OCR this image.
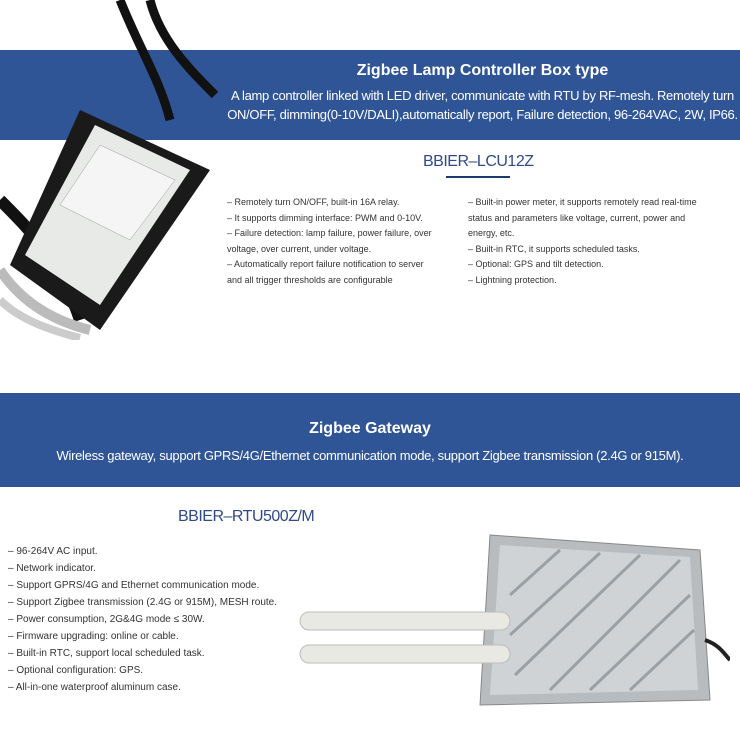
Zigbee Lamp Controller Box type
A lamp controller linked with LED driver, communicate with RTU by RF-mesh. Remotely turn
ON/OFF, dimming(0-10V/DALI),automatically report, Failure detection, 96-264VAC, 2W, IP66.
BBIER–LCU12Z
– Remotely turn ON/OFF, built-in 16A relay.
– It supports dimming interface: PWM and 0-10V.
– Failure detection: lamp failure, power failure, over
voltage, over current, under voltage.
– Automatically report failure notification to server
and all trigger thresholds are configurable
– Built-in power meter, it supports remotely read real-time
status and parameters like voltage, current, power and
energy, etc.
– Built-in RTC, it supports scheduled tasks.
– Optional: GPS and tilt detection.
– Lightning protection.
Zigbee Gateway
Wireless gateway, support GPRS/4G/Ethernet communication mode, support Zigbee transmission (2.4G or 915M).
BBIER–RTU500Z/M
– 96-264V AC input.
– Network indicator.
– Support GPRS/4G and Ethernet communication mode.
– Support Zigbee transmission (2.4G or 915M), MESH route.
– Power consumption, 2G&4G mode ≤ 30W.
– Firmware upgrading: online or cable.
– Built-in RTC, support local scheduled task.
– Optional configuration: GPS.
– All-in-one waterproof aluminum case.
